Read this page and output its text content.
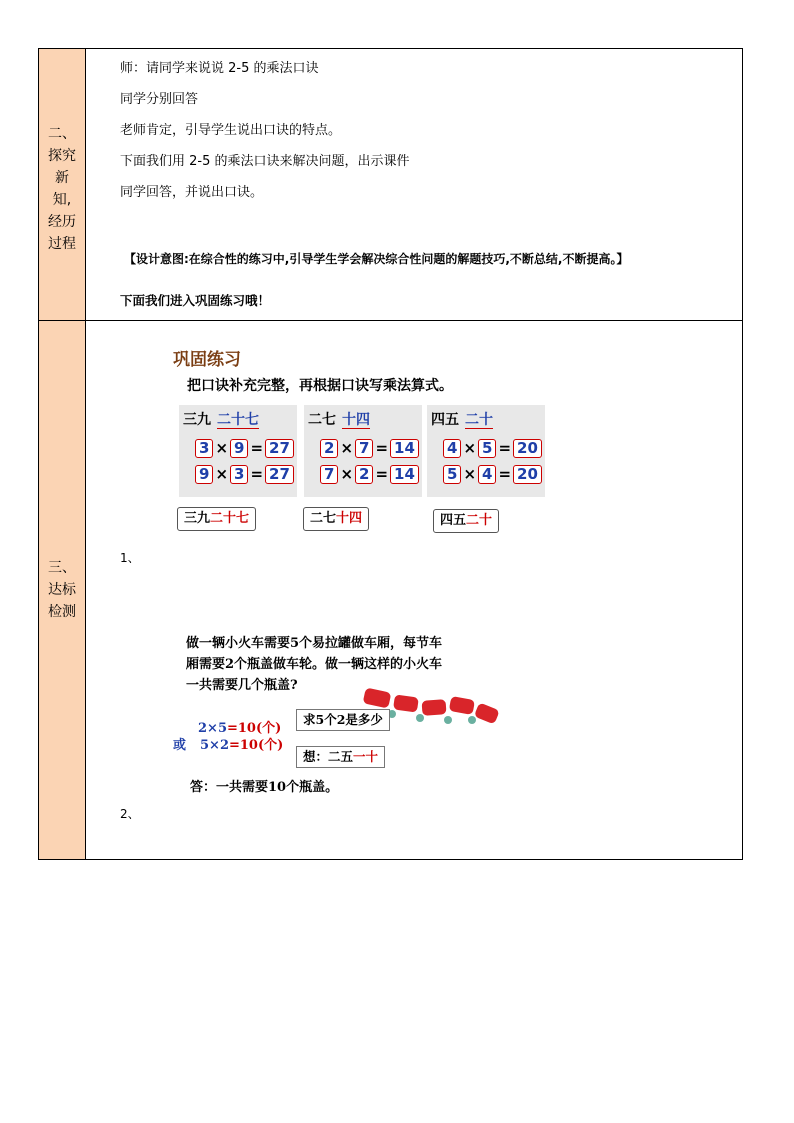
二、
探究
新
知,
经历
过程
师：请同学来说说 2-5 的乘法口诀
同学分别回答
老师肯定，引导学生说出口诀的特点。
下面我们用 2-5 的乘法口诀来解决问题，出示课件
同学回答，并说出口诀。
【设计意图:在综合性的练习中,引导学生学会解决综合性问题的解题技巧,不断总结,不断提高。】
下面我们进入巩固练习哦！
三、
达标
检测
1、
2、
巩固练习
把口诀补充完整，再根据口诀写乘法算式。
三九 二十七
3 × 9 = 27
9 × 3 = 27
二七 十四
2 × 7 = 14
7 × 2 = 14
四五 二十
4 × 5 = 20
5 × 4 = 20
三九二十七	二七十四	四五二十
做一辆小火车需要5个易拉罐做车厢，每节车
厢需要2个瓶盖做车轮。做一辆这样的小火车
一共需要几个瓶盖?
2×5=10(个)
或 5×2=10(个)
求5个2是多少
想：二五一十
答：一共需要10个瓶盖。
